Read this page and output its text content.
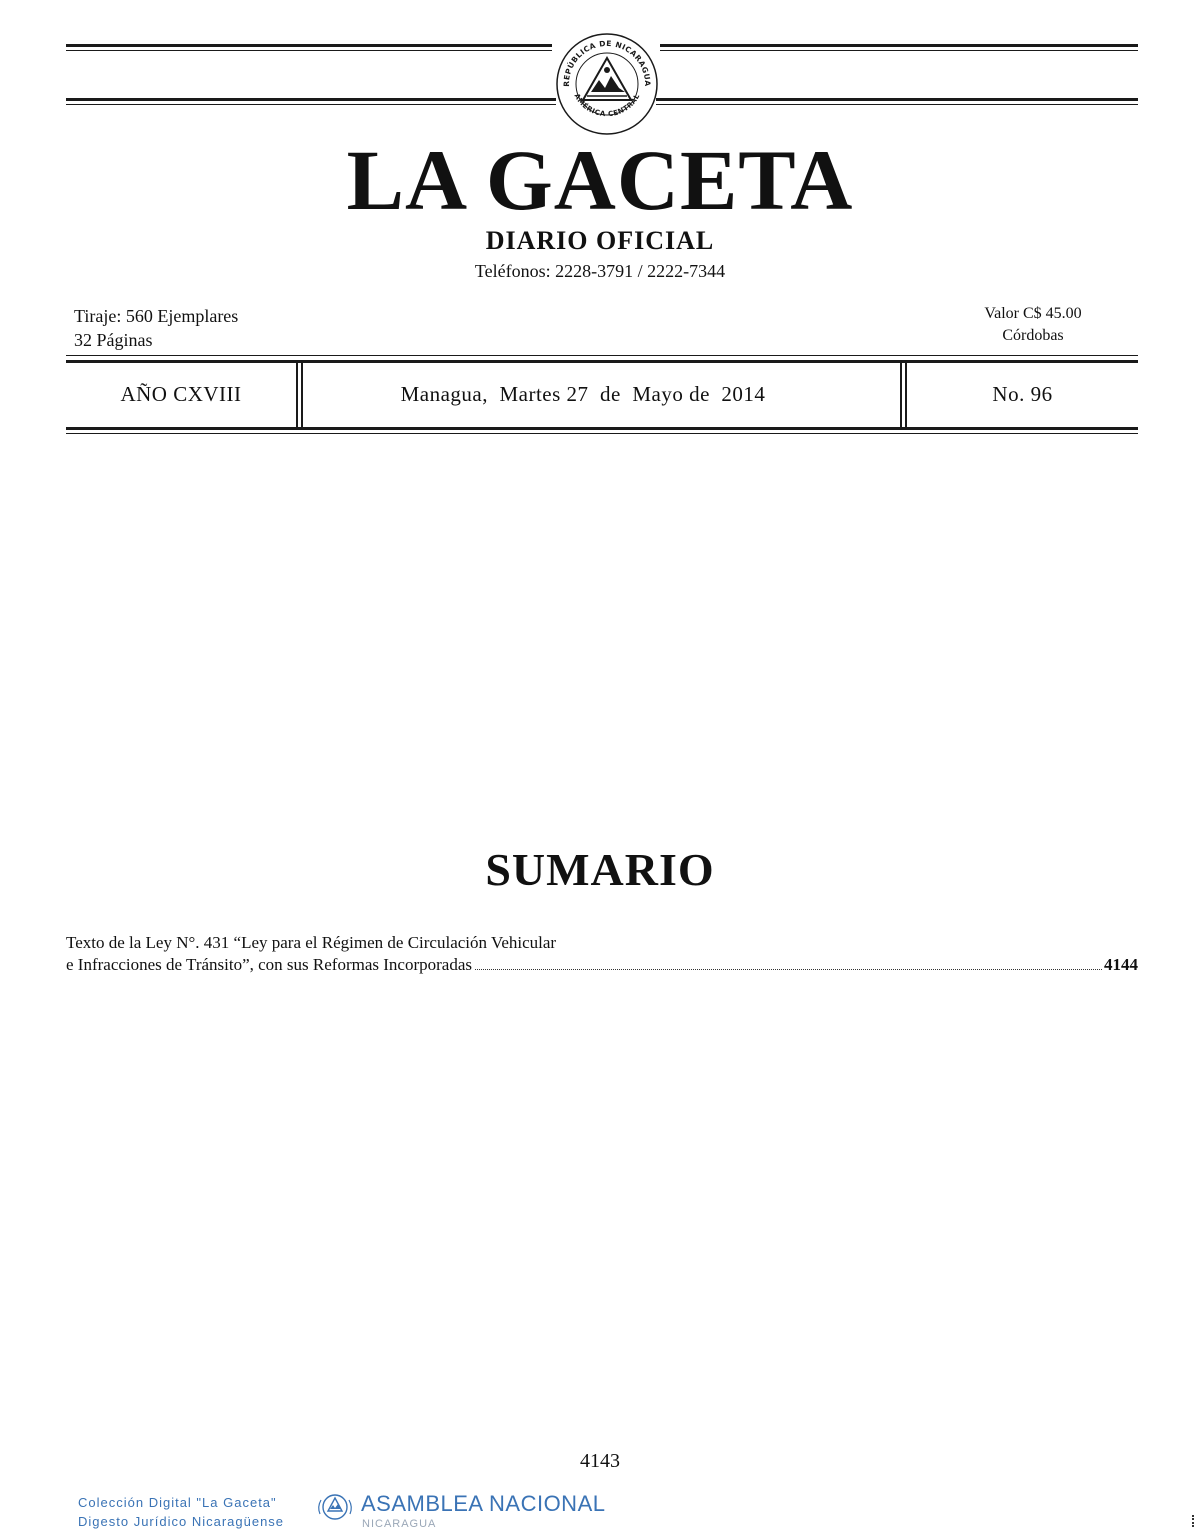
REPÚBLICA DE NICARAGUA
AMÉRICA CENTRAL
LA GACETA
DIARIO OFICIAL
Teléfonos: 2228-3791 / 2222-7344
Tiraje: 560 Ejemplares
32 Páginas
Valor C$ 45.00
Córdobas
AÑO CXVIII	Managua,  Martes 27  de  Mayo de  2014	No. 96
SUMARIO
Texto de la Ley N°. 431 “Ley para el Régimen de Circulación Vehicular
e Infracciones de Tránsito”, con sus Reformas Incorporadas	4144
4143
Colección Digital "La Gaceta"
Digesto Jurídico Nicaragüense
ASAMBLEA NACIONAL
NICARAGUA
